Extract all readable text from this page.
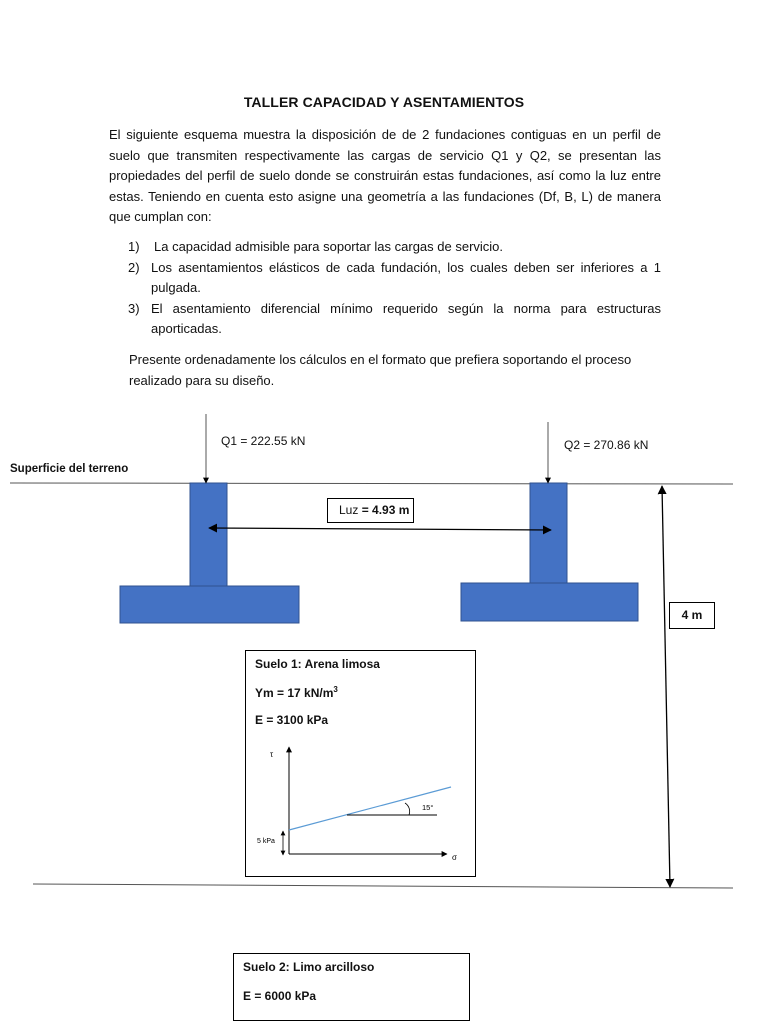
TALLER CAPACIDAD Y ASENTAMIENTOS

El siguiente esquema muestra la disposición de de 2 fundaciones contiguas en un perfil de suelo que transmiten respectivamente las cargas de servicio Q1 y Q2, se presentan las propiedades del perfil de suelo donde se construirán estas fundaciones, así como la luz entre estas. Teniendo en cuenta esto asigne una geometría a las fundaciones (Df, B, L) de manera que cumplan con:

1) La capacidad admisible para soportar las cargas de servicio.
2) Los asentamientos elásticos de cada fundación, los cuales deben ser inferiores a 1 pulgada.
3) El asentamiento diferencial mínimo requerido según la norma para estructuras aporticadas.

Presente ordenadamente los cálculos en el formato que prefiera soportando el proceso realizado para su diseño.

Superficie del terreno
Q1 = 222.55 kN	Q2 = 270.86 kN
Luz = 4.93 m
4 m
Suelo 1: Arena limosa
Ym = 17 $kN/m^3$
E = 3100 kPa
τ
σ
5 kPa
15°
Suelo 2: Limo arcilloso
E = 6000 kPa
